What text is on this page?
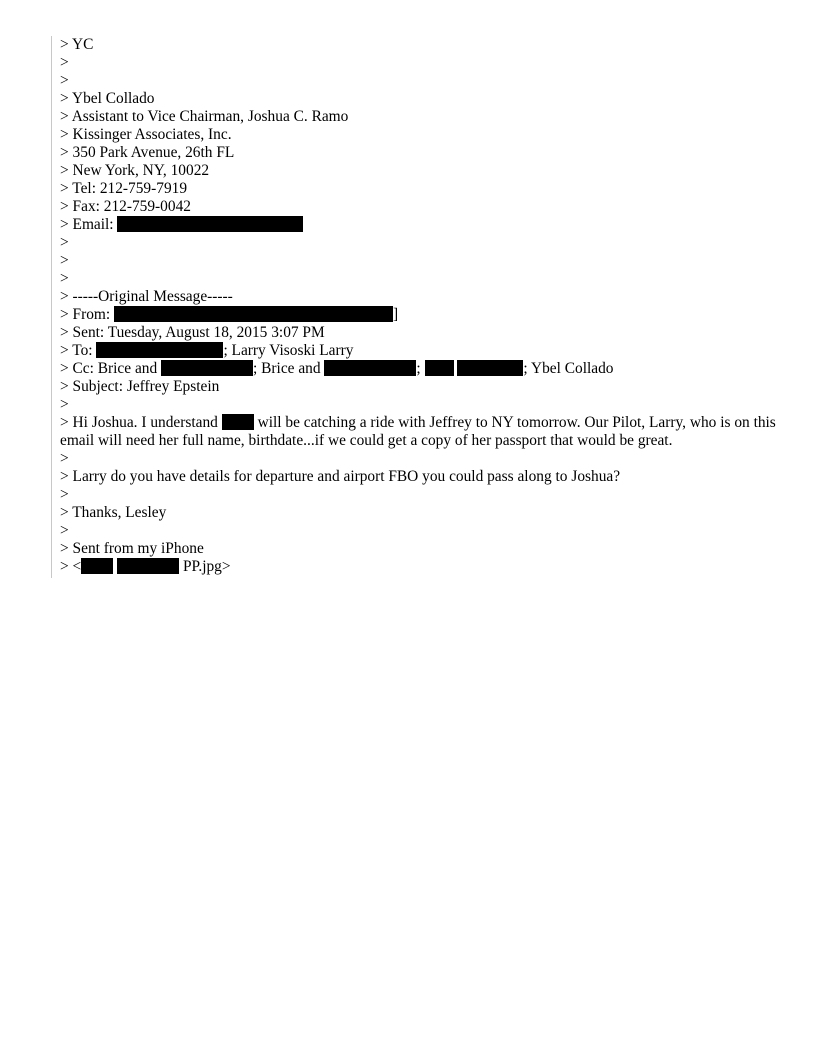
> YC
>
>
> Ybel Collado
> Assistant to Vice Chairman, Joshua C. Ramo
> Kissinger Associates, Inc.
> 350 Park Avenue, 26th FL
> New York, NY, 10022
> Tel: 212-759-7919
> Fax: 212-759-0042
> Email:
>
>
>
> -----Original Message-----
> From:	]
> Sent: Tuesday, August 18, 2015 3:07 PM
> To:	; Larry Visoski Larry
> Cc: Brice and	; Brice and	;	; Ybel Collado
> Subject: Jeffrey Epstein
>
> Hi Joshua. I understand	will be catching a ride with Jeffrey to NY tomorrow. Our Pilot, Larry, who is on this email will need her full name, birthdate...if we could get a copy of her passport that would be great.
>
> Larry do you have details for departure and airport FBO you could pass along to Joshua?
>
> Thanks, Lesley
>
> Sent from my iPhone
> <	PP.jpg>
